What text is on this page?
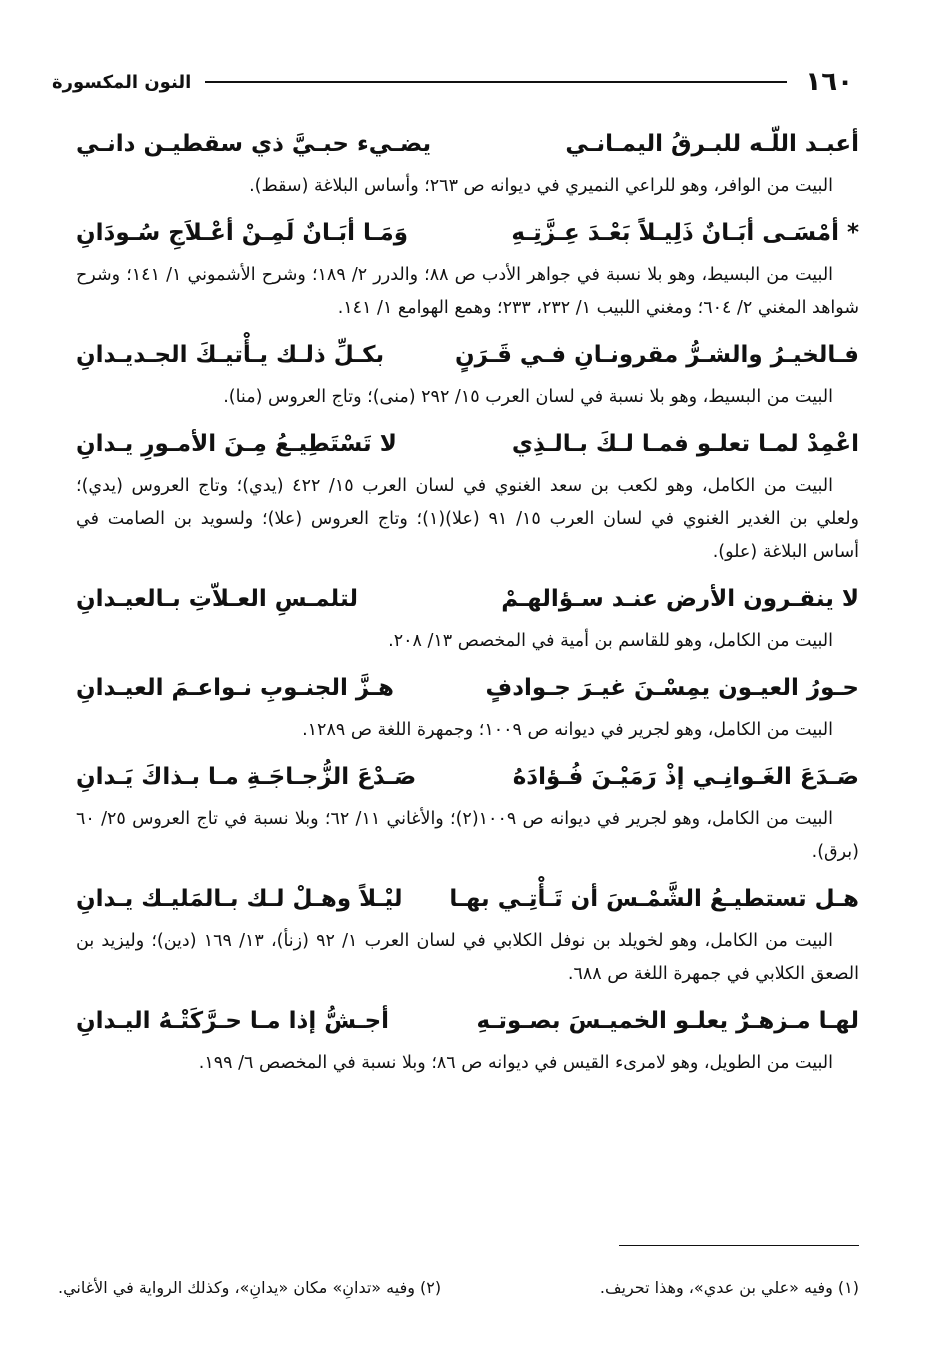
١٦٠
النون المكسورة
أعبـد اللّـه للبـرقُ اليمـانـي
يضـيء حبـيَّ ذي سقطيـن دانـي

البيت من الوافر، وهو للراعي النميري في ديوانه ص ٢٦٣؛ وأساس البلاغة (سقط).

* أمْسَـى أبَـانٌ ذَلِيـلاً بَعْـدَ عِـزَّتِـهِ
وَمَـا أبَـانٌ لَمِـنْ أعْـلاَجِ سُـودَانِ

البيت من البسيط، وهو بلا نسبة في جواهر الأدب ص ٨٨؛ والدرر ٢/ ١٨٩؛ وشرح الأشموني ١/ ١٤١؛ وشرح شواهد المغني ٢/ ٦٠٤؛ ومغني اللبيب ١/ ٢٣٢، ٢٣٣؛ وهمع الهوامع ١/ ١٤١.

فـالخيـرُ والشـرُّ مقرونـانِ فـي قَـرَنٍ
بكـلِّ ذلـك يـأْتيـكَ الجـديـدانِ

البيت من البسيط، وهو بلا نسبة في لسان العرب ١٥/ ٢٩٢ (منى)؛ وتاج العروس (منا).

اعْمِدْ لمـا تعلـو فمـا لـكَ بـالـذِي
لا تَسْتَطِيـعُ مِـنَ الأمـورِ يـدانِ

البيت من الكامل، وهو لكعب بن سعد الغنوي في لسان العرب ١٥/ ٤٢٢ (يدي)؛ وتاج العروس (يدي)؛ ولعلي بن الغدير الغنوي في لسان العرب ١٥/ ٩١ (علا)(١)؛ وتاج العروس (علا)؛ ولسويد بن الصامت في أساس البلاغة (علو).

لا ينقـرون الأرض عنـد سـؤالهـمْ
لتلمـسِ العـلاّتِ بـالعيـدانِ

البيت من الكامل، وهو للقاسم بن أمية في المخصص ١٣/ ٢٠٨.

حـورُ العيـون يمِسْـنَ غيـرَ جـوادفٍ
هـزَّ الجنـوبِ نـواعـمَ العيـدانِ

البيت من الكامل، وهو لجرير في ديوانه ص ١٠٠٩؛ وجمهرة اللغة ص ١٢٨٩.

صَـدَعَ الغَـوانِـي إذْ رَمَيْـنَ فُـؤادَهُ
صَـدْعَ الزُّجـاجَـةِ مـا بـذاكَ يَـدانِ

البيت من الكامل، وهو لجرير في ديوانه ص ١٠٠٩(٢)؛ والأغاني ١١/ ٦٢؛ وبلا نسبة في تاج العروس ٢٥/ ٦٠ (برق).

هـل تستطيـعُ الشَّمْـسَ أن تَـأْتِـي بهـا
ليْـلاً وهـلْ لـك بـالمَليـك يـدانِ

البيت من الكامل، وهو لخويلد بن نوفل الكلابي في لسان العرب ١/ ٩٢ (زنأ)، ١٣/ ١٦٩ (دين)؛ وليزيد بن الصعق الكلابي في جمهرة اللغة ص ٦٨٨.

لهـا مـزهـرٌ يعلـو الخميـسَ بصـوتـهِ
أجـشُّ إذا مـا حـرَّكَتْـهُ اليـدانِ

البيت من الطويل، وهو لامرىء القيس في ديوانه ص ٨٦؛ وبلا نسبة في المخصص ٦/ ١٩٩.

(١) وفيه «علي بن عدي»، وهذا تحريف.
(٢) وفيه «تدانِ» مكان «يدانِ»، وكذلك الرواية في الأغاني.
